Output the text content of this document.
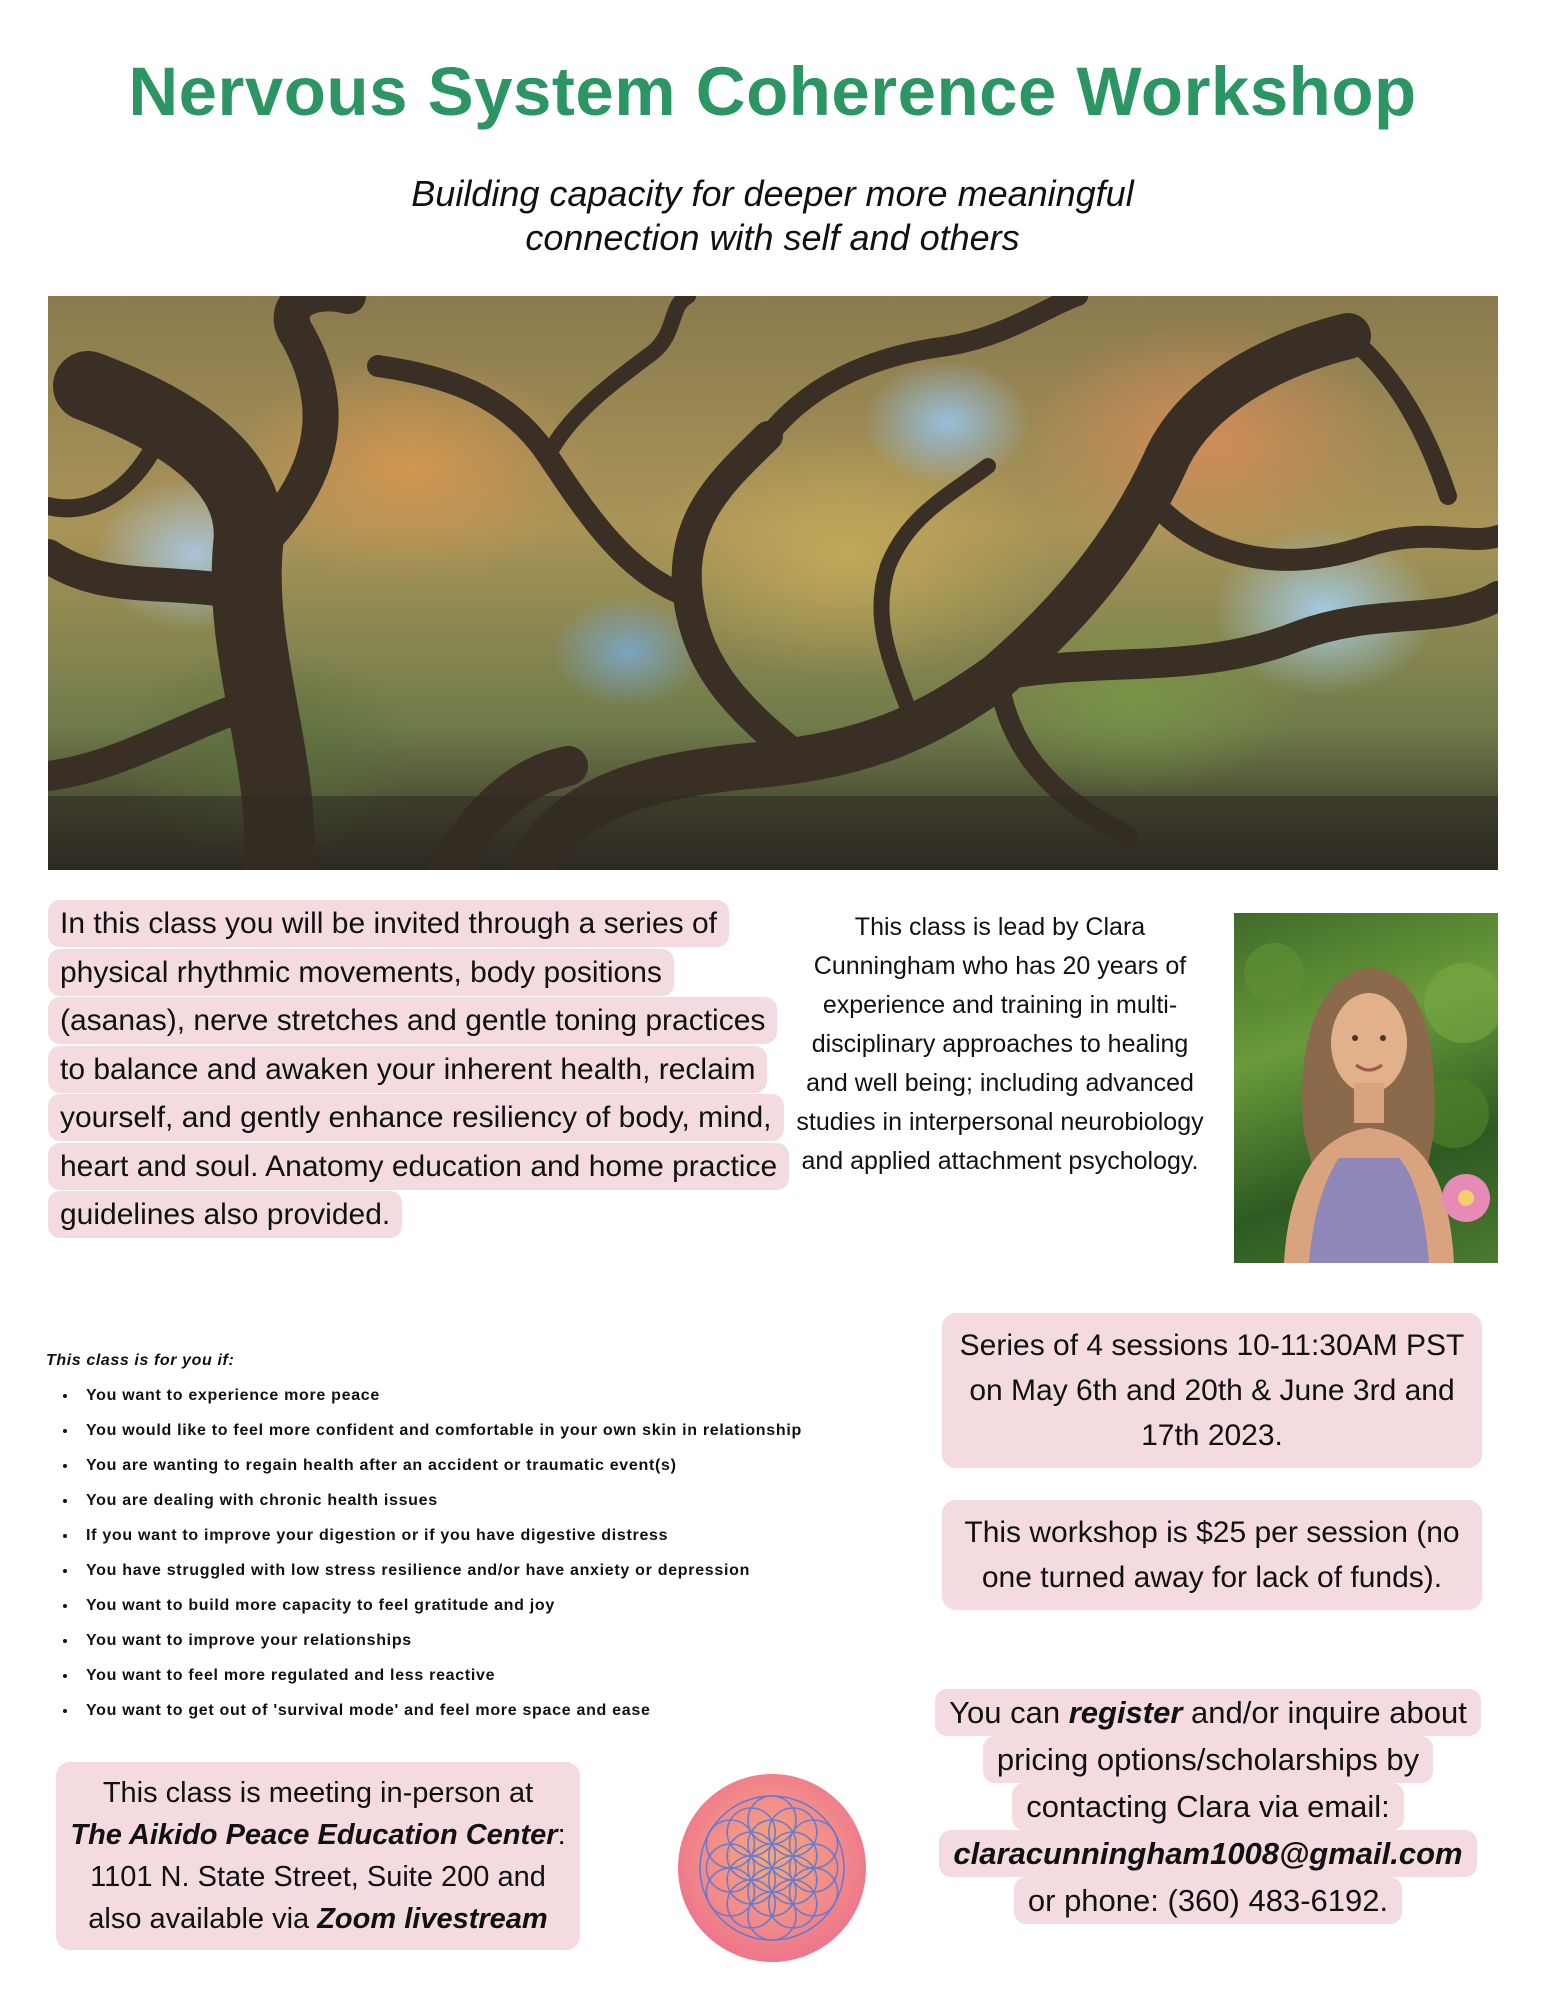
Nervous System Coherence Workshop
Building capacity for deeper more meaningful
connection with self and others
In this class you will be invited through a series of physical rhythmic movements, body positions (asanas), nerve stretches and gentle toning practices to balance and awaken your inherent health, reclaim yourself, and gently enhance resiliency of body, mind, heart and soul. Anatomy education and home practice guidelines also provided.
This class is lead by Clara Cunningham who has 20 years of experience and training in multi-disciplinary approaches to healing and well being; including advanced studies in interpersonal neurobiology and applied attachment psychology.
This class is for you if:
• You want to experience more peace
• You would like to feel more confident and comfortable in your own skin in relationship
• You are wanting to regain health after an accident or traumatic event(s)
• You are dealing with chronic health issues
• If you want to improve your digestion or if you have digestive distress
• You have struggled with low stress resilience and/or have anxiety or depression
• You want to build more capacity to feel gratitude and joy
• You want to improve your relationships
• You want to feel more regulated and less reactive
• You want to get out of 'survival mode' and feel more space and ease
Series of 4 sessions 10-11:30AM PST on May 6th and 20th & June 3rd and 17th 2023.
This workshop is $25 per session (no one turned away for lack of funds).
You can register and/or inquire about pricing options/scholarships by contacting Clara via email:
claracunningham1008@gmail.com
or phone: (360) 483-6192.
This class is meeting in-person at
The Aikido Peace Education Center:
1101 N. State Street, Suite 200 and also available via Zoom livestream
